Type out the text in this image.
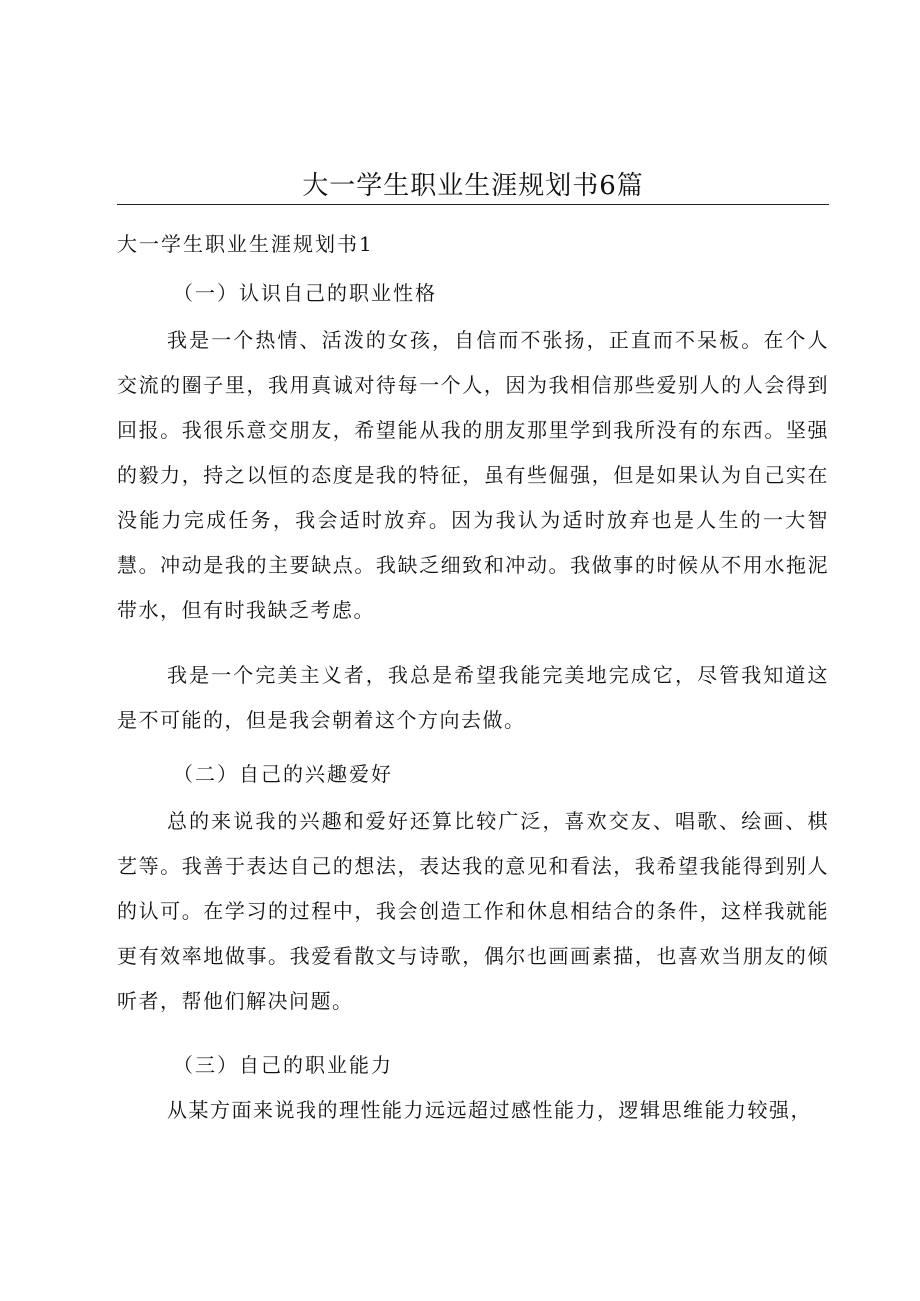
大一学生职业生涯规划书6篇
大一学生职业生涯规划书1
（一）认识自己的职业性格

我是一个热情、活泼的女孩，自信而不张扬，正直而不呆板。在个人交流的圈子里，我用真诚对待每一个人，因为我相信那些爱别人的人会得到回报。我很乐意交朋友，希望能从我的朋友那里学到我所没有的东西。坚强的毅力，持之以恒的态度是我的特征，虽有些倔强，但是如果认为自己实在没能力完成任务，我会适时放弃。因为我认为适时放弃也是人生的一大智慧。冲动是我的主要缺点。我缺乏细致和冲动。我做事的时候从不用水拖泥带水，但有时我缺乏考虑。

我是一个完美主义者，我总是希望我能完美地完成它，尽管我知道这是不可能的，但是我会朝着这个方向去做。

（二）自己的兴趣爱好

总的来说我的兴趣和爱好还算比较广泛，喜欢交友、唱歌、绘画、棋艺等。我善于表达自己的想法，表达我的意见和看法，我希望我能得到别人的认可。在学习的过程中，我会创造工作和休息相结合的条件，这样我就能更有效率地做事。我爱看散文与诗歌，偶尔也画画素描，也喜欢当朋友的倾听者，帮他们解决问题。

（三）自己的职业能力

从某方面来说我的理性能力远远超过感性能力，逻辑思维能力较强，
